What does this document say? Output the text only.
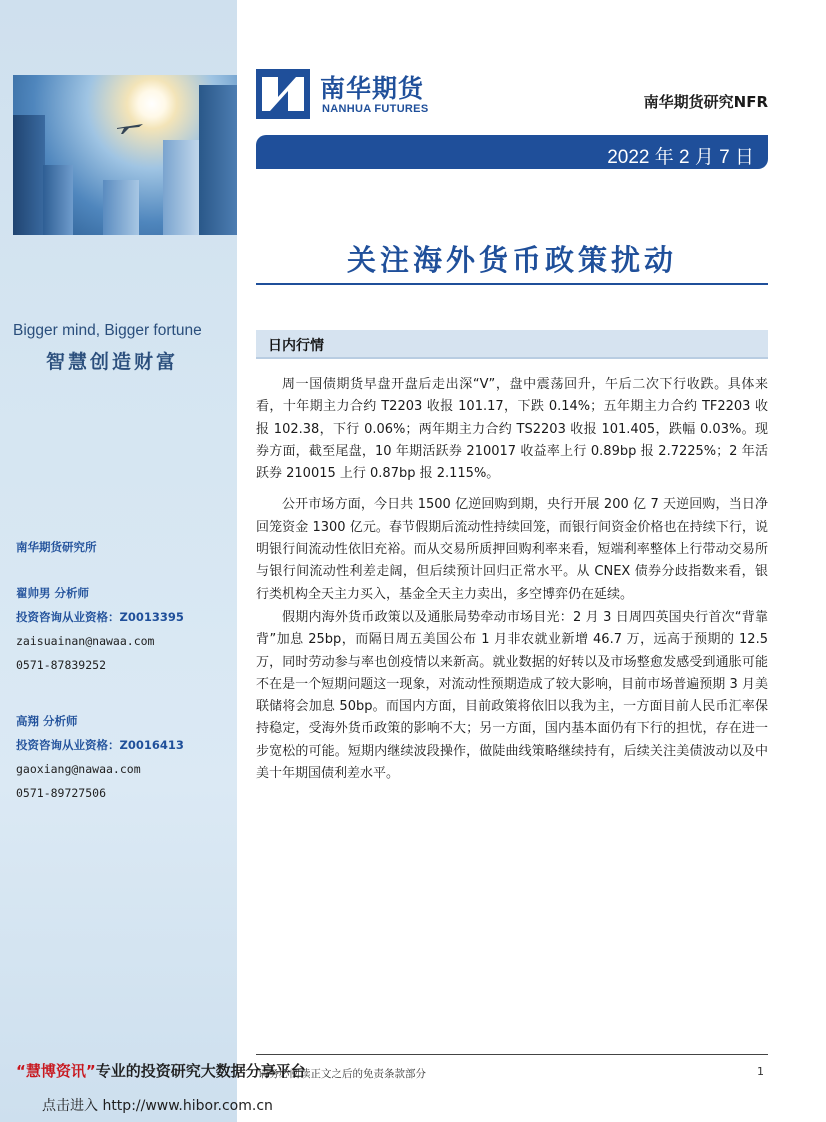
Bigger mind, Bigger fortune
智慧创造财富
南华期货研究所
翟帅男 分析师
投资咨询从业资格：Z0013395
zaisuainan@nawaa.com
0571-87839252
高翔 分析师
投资咨询从业资格：Z0016413
gaoxiang@nawaa.com
0571-89727506
南华期货
NANHUA FUTURES	南华期货研究NFR
2022 年 2 月 7 日
关注海外货币政策扰动
日内行情

周一国债期货早盘开盘后走出深“V”，盘中震荡回升，午后二次下行收跌。具体来看，十年期主力合约 T2203 收报 101.17，下跌 0.14%；五年期主力合约 TF2203 收报 102.38，下行 0.06%；两年期主力合约 TS2203 收报 101.405，跌幅 0.03%。现券方面，截至尾盘，10 年期活跃券 210017 收益率上行 0.89bp 报 2.7225%；2 年活跃券 210015 上行 0.87bp 报 2.115%。

公开市场方面，今日共 1500 亿逆回购到期，央行开展 200 亿 7 天逆回购，当日净回笼资金 1300 亿元。春节假期后流动性持续回笼，而银行间资金价格也在持续下行，说明银行间流动性依旧充裕。而从交易所质押回购利率来看，短端利率整体上行带动交易所与银行间流动性利差走阔，但后续预计回归正常水平。从 CNEX 债券分歧指数来看，银行类机构全天主力买入，基金全天主力卖出，多空博弈仍在延续。

假期内海外货币政策以及通胀局势牵动市场目光：2 月 3 日周四英国央行首次“背靠背”加息 25bp，而隔日周五美国公布 1 月非农就业新增 46.7 万，远高于预期的 12.5 万，同时劳动参与率也创疫情以来新高。就业数据的好转以及市场整愈发感受到通胀可能不在是一个短期问题这一现象，对流动性预期造成了较大影响，目前市场普遍预期 3 月美联储将会加息 50bp。而国内方面，目前政策将依旧以我为主，一方面目前人民币汇率保持稳定，受海外货币政策的影响不大；另一方面，国内基本面仍有下行的担忧，存在进一步宽松的可能。短期内继续波段操作，做陡曲线策略继续持有，后续关注美债波动以及中美十年期国债利差水平。

请务必阅读正文之后的免责条款部分	1
“慧博资讯”专业的投资研究大数据分享平台
点击进入 http://www.hibor.com.cn
